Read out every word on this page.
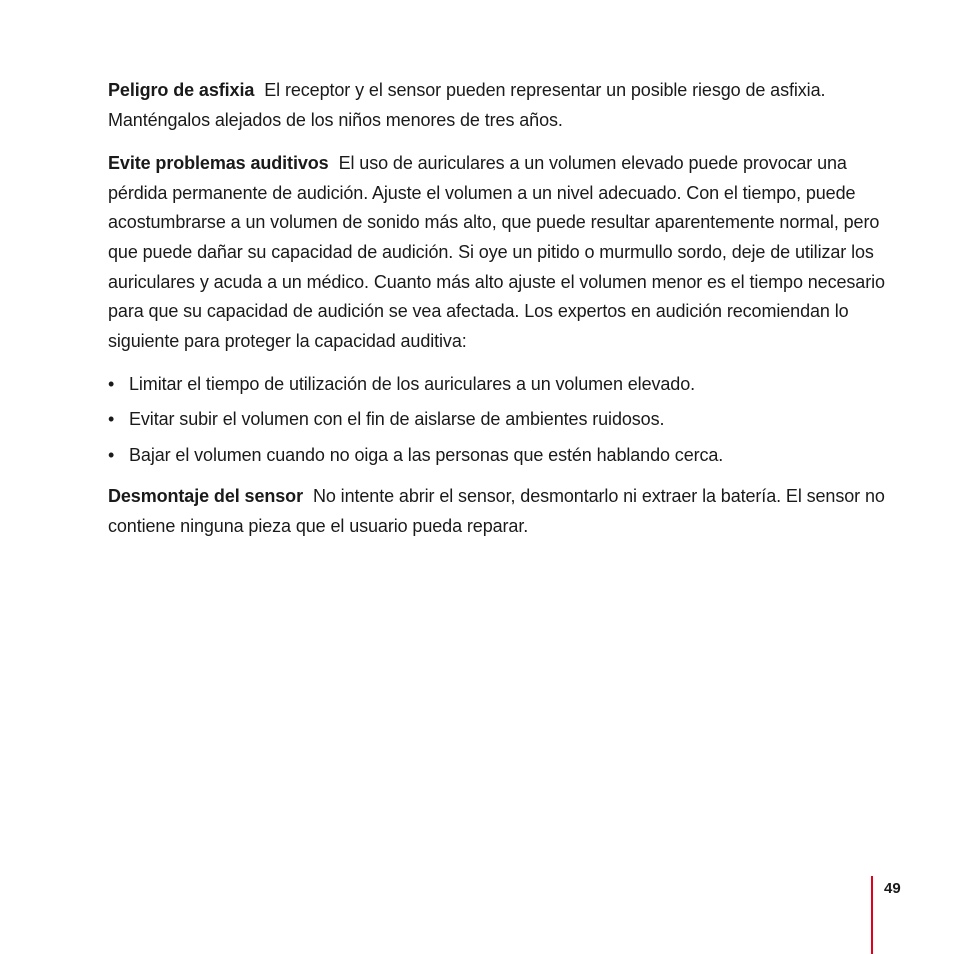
Peligro de asfixia El receptor y el sensor pueden representar un posible riesgo de asfixia. Manténgalos alejados de los niños menores de tres años.

Evite problemas auditivos El uso de auriculares a un volumen elevado puede provocar una pérdida permanente de audición. Ajuste el volumen a un nivel adecuado. Con el tiempo, puede acostumbrarse a un volumen de sonido más alto, que puede resultar aparentemente normal, pero que puede dañar su capacidad de audición. Si oye un pitido o murmullo sordo, deje de utilizar los auriculares y acuda a un médico. Cuanto más alto ajuste el volumen menor es el tiempo necesario para que su capacidad de audición se vea afectada. Los expertos en audición recomiendan lo siguiente para proteger la capacidad auditiva:

• Limitar el tiempo de utilización de los auriculares a un volumen elevado.
• Evitar subir el volumen con el fin de aislarse de ambientes ruidosos.
• Bajar el volumen cuando no oiga a las personas que estén hablando cerca.

Desmontaje del sensor No intente abrir el sensor, desmontarlo ni extraer la batería. El sensor no contiene ninguna pieza que el usuario pueda reparar.

49
